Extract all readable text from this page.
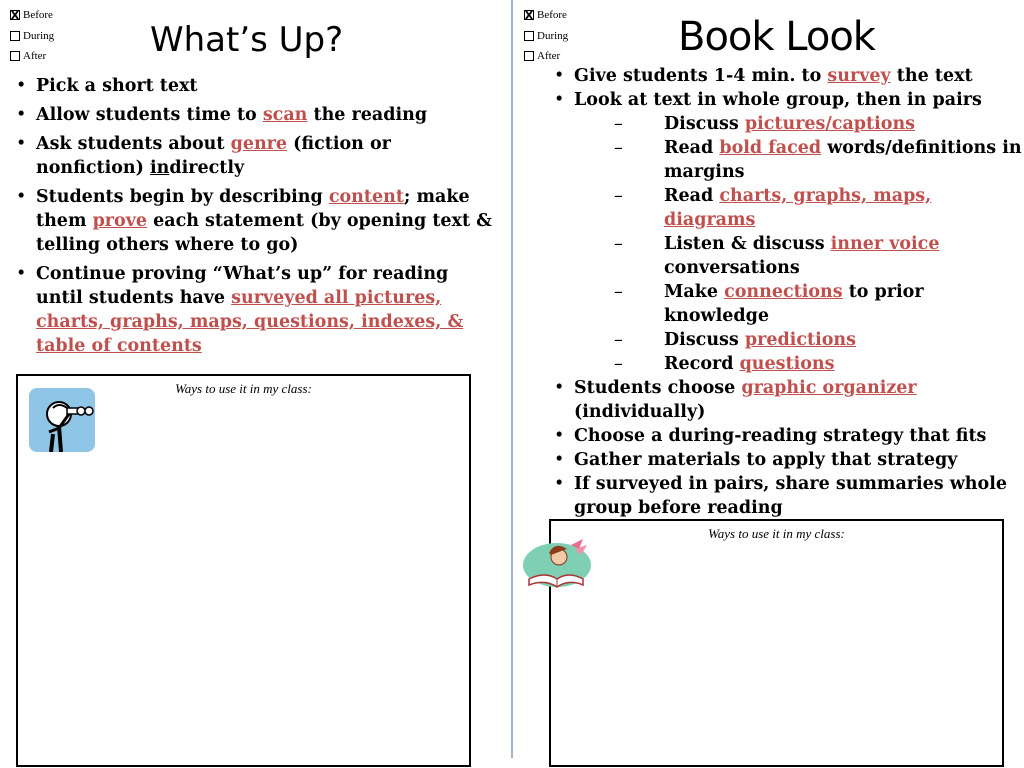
X Before
During
After	What’s Up?
• Pick a short text
• Allow students time to scan the reading
• Ask students about genre (fiction or nonfiction) indirectly
• Students begin by describing content; make them prove each statement (by opening text & telling others where to go)
• Continue proving “What’s up” for reading until students have surveyed all pictures, charts, graphs, maps, questions, indexes, & table of contents
Ways to use it in my class:
X Before
During
After	Book Look
• Give students 1-4 min. to survey the text
• Look at text in whole group, then in pairs
– Discuss pictures/captions
– Read bold faced words/definitions in margins
– Read charts, graphs, maps, diagrams
– Listen & discuss inner voice conversations
– Make connections to prior knowledge
– Discuss predictions
– Record questions
• Students choose graphic organizer (individually)
• Choose a during-reading strategy that fits
• Gather materials to apply that strategy
• If surveyed in pairs, share summaries whole group before reading
Ways to use it in my class:
